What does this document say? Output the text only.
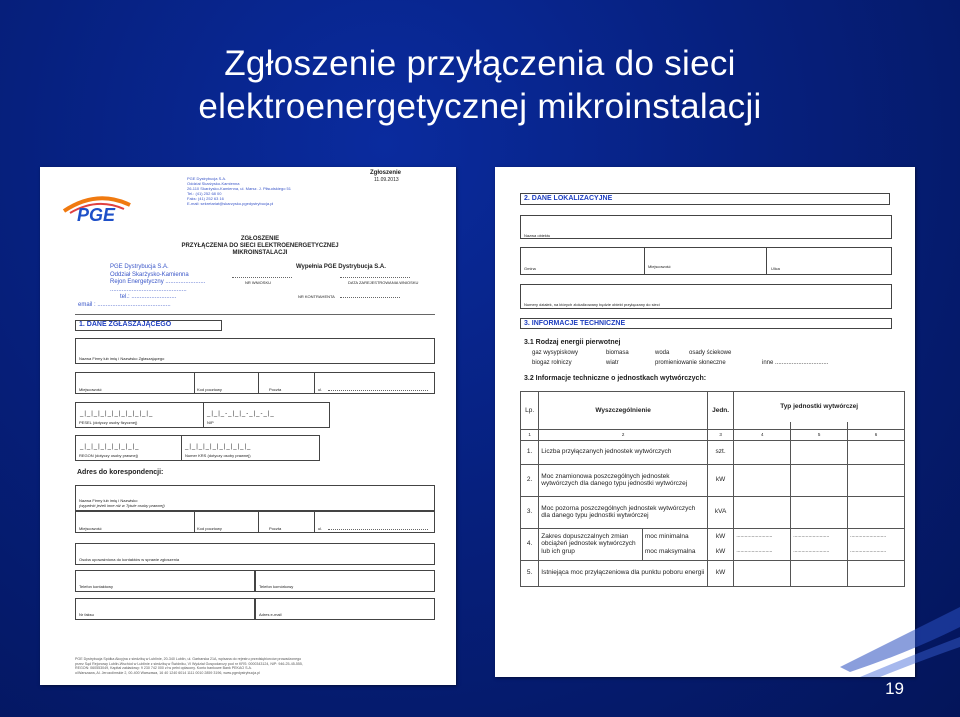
Zgłoszenie przyłączenia do sieci
elektroenergetycznej mikroinstalacji
PGE
PGE Dystrybucja S.A.
Oddział Skarżysko-Kamienna
26-110 Skarżysko-Kamienna, ul. Marsz. J. Piłsudskiego 51
Tel.: (41) 252 68 00
Faks: (41) 252 63 16
E-mail: sekretariat@skarzysko.pgedystrybucja.pl
Zgłoszenie
11.09.2013
ZGŁOSZENIE
PRZYŁĄCZENIA DO SIECI ELEKTROENERGETYCZNEJ
MIKROINSTALACJI
PGE Dystrybucja S.A.
Oddział Skarżysko-Kamienna
Rejon Energetyczny ........................
..............................................
tel.: ...........................
email : ............................................
Wypełnia PGE Dystrybucja S.A.
NR WNIOSKU	DATA ZAREJESTROWANIA WNIOSKU
NR KONTRAHENTA
1. DANE ZGŁASZAJĄCEGO
Nazwa Firmy lub imię i Nazwisko Zgłaszającego
Miejscowość	Kod pocztowy	Poczta	ul.
_|_|_|_|_|_|_|_|_|_|_
PESEL (dotyczy osoby fizycznej)
_|_|_-_|_|_-_|_-_|_
NIP
_|_|_|_|_|_|_|_|_
REGON (dotyczy osoby prawnej)
_|_|_|_|_|_|_|_|_|_
Numer KRS (dotyczy osoby prawnej)
Adres do korespondencji:
Nazwa Firmy lub imię i Nazwisko
(wypełnić jeżeli inne niż w Tytule osoby prawnej)
Miejscowość	Kod pocztowy	Poczta	ul.
Osoba upoważniona do kontaktów w sprawie zgłoszenia
Telefon kontaktowy	Telefon komórkowy
Nr faksu	Adres e-mail
PGE Dystrybucja Spółka Akcyjna z siedzibą w Lublinie, 20-340 Lublin, ul. Garbarska 21A, wpisana do rejestru przedsiębiorców prowadzonego
przez Sąd Rejonowy Lublin-Wschód w Lublinie z siedzibą w Świdniku, VI Wydział Gospodarczy pod nr KRS: 0000343124, NIP: 946-25-45-555,
REGON: 060553049, Kapitał zakładowy: 9 230 742 000 zł w pełni opłacony. Konto bankowe Bank PEKAO S.A.
o/Warszawa, Al. Jerozolimskie 2, 00-400 Warszawa, 16 40 1240 6014 1111 0010 2859 3196, www.pgedystrybucja.pl
2. DANE LOKALIZACYJNE
Nazwa obiektu
Gmina	Miejscowość	Ulica
Numery działek, na których zlokalizowany będzie obiekt przyłączany do sieci
3. INFORMACJE TECHNICZNE
3.1 Rodzaj energii pierwotnej
gaz wysypiskowy	biomasa	woda	osady ściekowe
biogaz rolniczy	wiatr	promieniowanie słoneczne	inne ................................
3.2 Informacje techniczne o jednostkach wytwórczych:
Lp.	Wyszczególnienie		Jedn.	Typ jednostki wytwórczej		

1	2		3	4	5	6
1.	Liczba przyłączanych jednostek wytwórczych		szt.			
2.	Moc znamionowa poszczególnych jednostek wytwórczych dla danego typu jednostki wytwórczej		kW			
3.	Moc pozorna poszczególnych jednostek wytwórczych dla danego typu jednostki wytwórczej		kVA			
4.	Zakres dopuszczalnych zmian obciążeń jednostek wytwórczych lub ich grup	moc minimalna	kW	..........................	..........................	..........................
		moc maksymalna	kW	..........................	..........................	..........................
5.	Istniejąca moc przyłączeniowa dla punktu poboru energii		kW			
19
